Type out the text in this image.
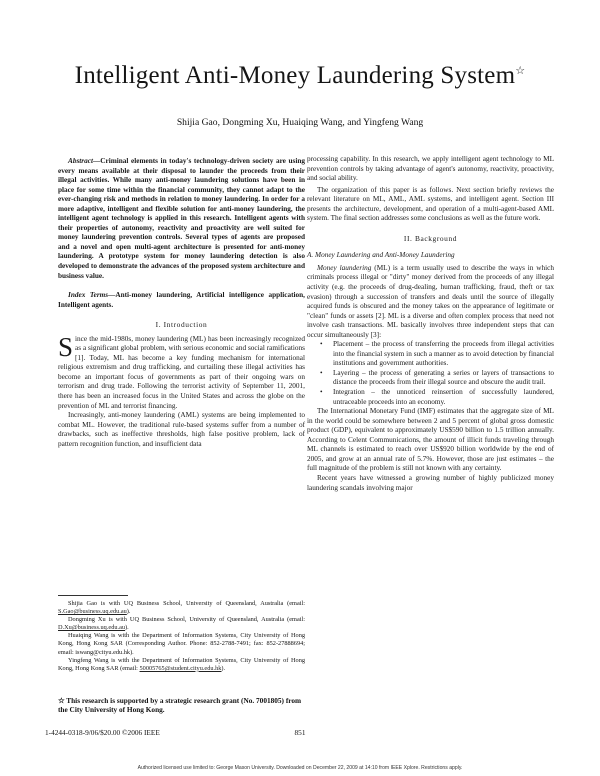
Intelligent Anti-Money Laundering System☆
Shijia Gao, Dongming Xu, Huaiqing Wang, and Yingfeng Wang

Abstract—Criminal elements in today's technology-driven society are using every means available at their disposal to launder the proceeds from their illegal activities. While many anti-money laundering solutions have been in place for some time within the financial community, they cannot adapt to the ever-changing risk and methods in relation to money laundering. In order for a more adaptive, intelligent and flexible solution for anti-money laundering, the intelligent agent technology is applied in this research. Intelligent agents with their properties of autonomy, reactivity and proactivity are well suited for money laundering prevention controls. Several types of agents are proposed and a novel and open multi-agent architecture is presented for anti-money laundering. A prototype system for money laundering detection is also developed to demonstrate the advances of the proposed system architecture and business value.

Index Terms—Anti-money laundering, Artificial intelligence application, Intelligent agents.

I. Introduction

Since the mid-1980s, money laundering (ML) has been increasingly recognized as a significant global problem, with serious economic and social ramifications [1]. Today, ML has become a key funding mechanism for international religious extremism and drug trafficking, and curtailing these illegal activities has become an important focus of governments as part of their ongoing wars on terrorism and drug trade. Following the terrorist activity of September 11, 2001, there has been an increased focus in the United States and across the globe on the prevention of ML and terrorist financing.

Increasingly, anti-money laundering (AML) systems are being implemented to combat ML. However, the traditional rule-based systems suffer from a number of drawbacks, such as ineffective thresholds, high false positive problem, lack of pattern recognition function, and insufficient data

Shijia Gao is with UQ Business School, University of Queensland, Australia (email: S.Gao@business.uq.edu.au).

Dongming Xu is with UQ Business School, University of Queensland, Australia (email: D.Xu@business.uq.edu.au).

Huaiqing Wang is with the Department of Information Systems, City University of Hong Kong, Hong Kong SAR (Corresponding Author. Phone: 852-2788-7491; fax: 852-27888694; email: iswang@cityu.edu.hk).

Yingfeng Wang is with the Department of Information Systems, City University of Hong Kong, Hong Kong SAR (email: 50005765@student.cityu.edu.hk).

☆ This research is supported by a strategic research grant (No. 7001805) from the City University of Hong Kong.

processing capability. In this research, we apply intelligent agent technology to ML prevention controls by taking advantage of agent's autonomy, reactivity, proactivity, and social ability.

The organization of this paper is as follows. Next section briefly reviews the relevant literature on ML, AML, AML systems, and intelligent agent. Section III presents the architecture, development, and operation of a multi-agent-based AML system. The final section addresses some conclusions as well as the future work.

II. Background

A. Money Laundering and Anti-Money Laundering

Money laundering (ML) is a term usually used to describe the ways in which criminals process illegal or "dirty" money derived from the proceeds of any illegal activity (e.g. the proceeds of drug-dealing, human trafficking, fraud, theft or tax evasion) through a succession of transfers and deals until the source of illegally acquired funds is obscured and the money takes on the appearance of legitimate or "clean" funds or assets [2]. ML is a diverse and often complex process that need not involve cash transactions. ML basically involves three independent steps that can occur simultaneously [3]:

• Placement – the process of transferring the proceeds from illegal activities into the financial system in such a manner as to avoid detection by financial institutions and government authorities.
• Layering – the process of generating a series or layers of transactions to distance the proceeds from their illegal source and obscure the audit trail.
• Integration – the unnoticed reinsertion of successfully laundered, untraceable proceeds into an economy.

The International Monetary Fund (IMF) estimates that the aggregate size of ML in the world could be somewhere between 2 and 5 percent of global gross domestic product (GDP), equivalent to approximately US$590 billion to 1.5 trillion annually. According to Celent Communications, the amount of illicit funds traveling through ML channels is estimated to reach over US$920 billion worldwide by the end of 2005, and grow at an annual rate of 5.7%. However, those are just estimates – the full magnitude of the problem is still not known with any certainty.

Recent years have witnessed a growing number of highly publicized money laundering scandals involving major

1-4244-0318-9/06/$20.00 ©2006 IEEE	851
Authorized licensed use limited to: George Mason University. Downloaded on December 22, 2009 at 14:10 from IEEE Xplore. Restrictions apply.
